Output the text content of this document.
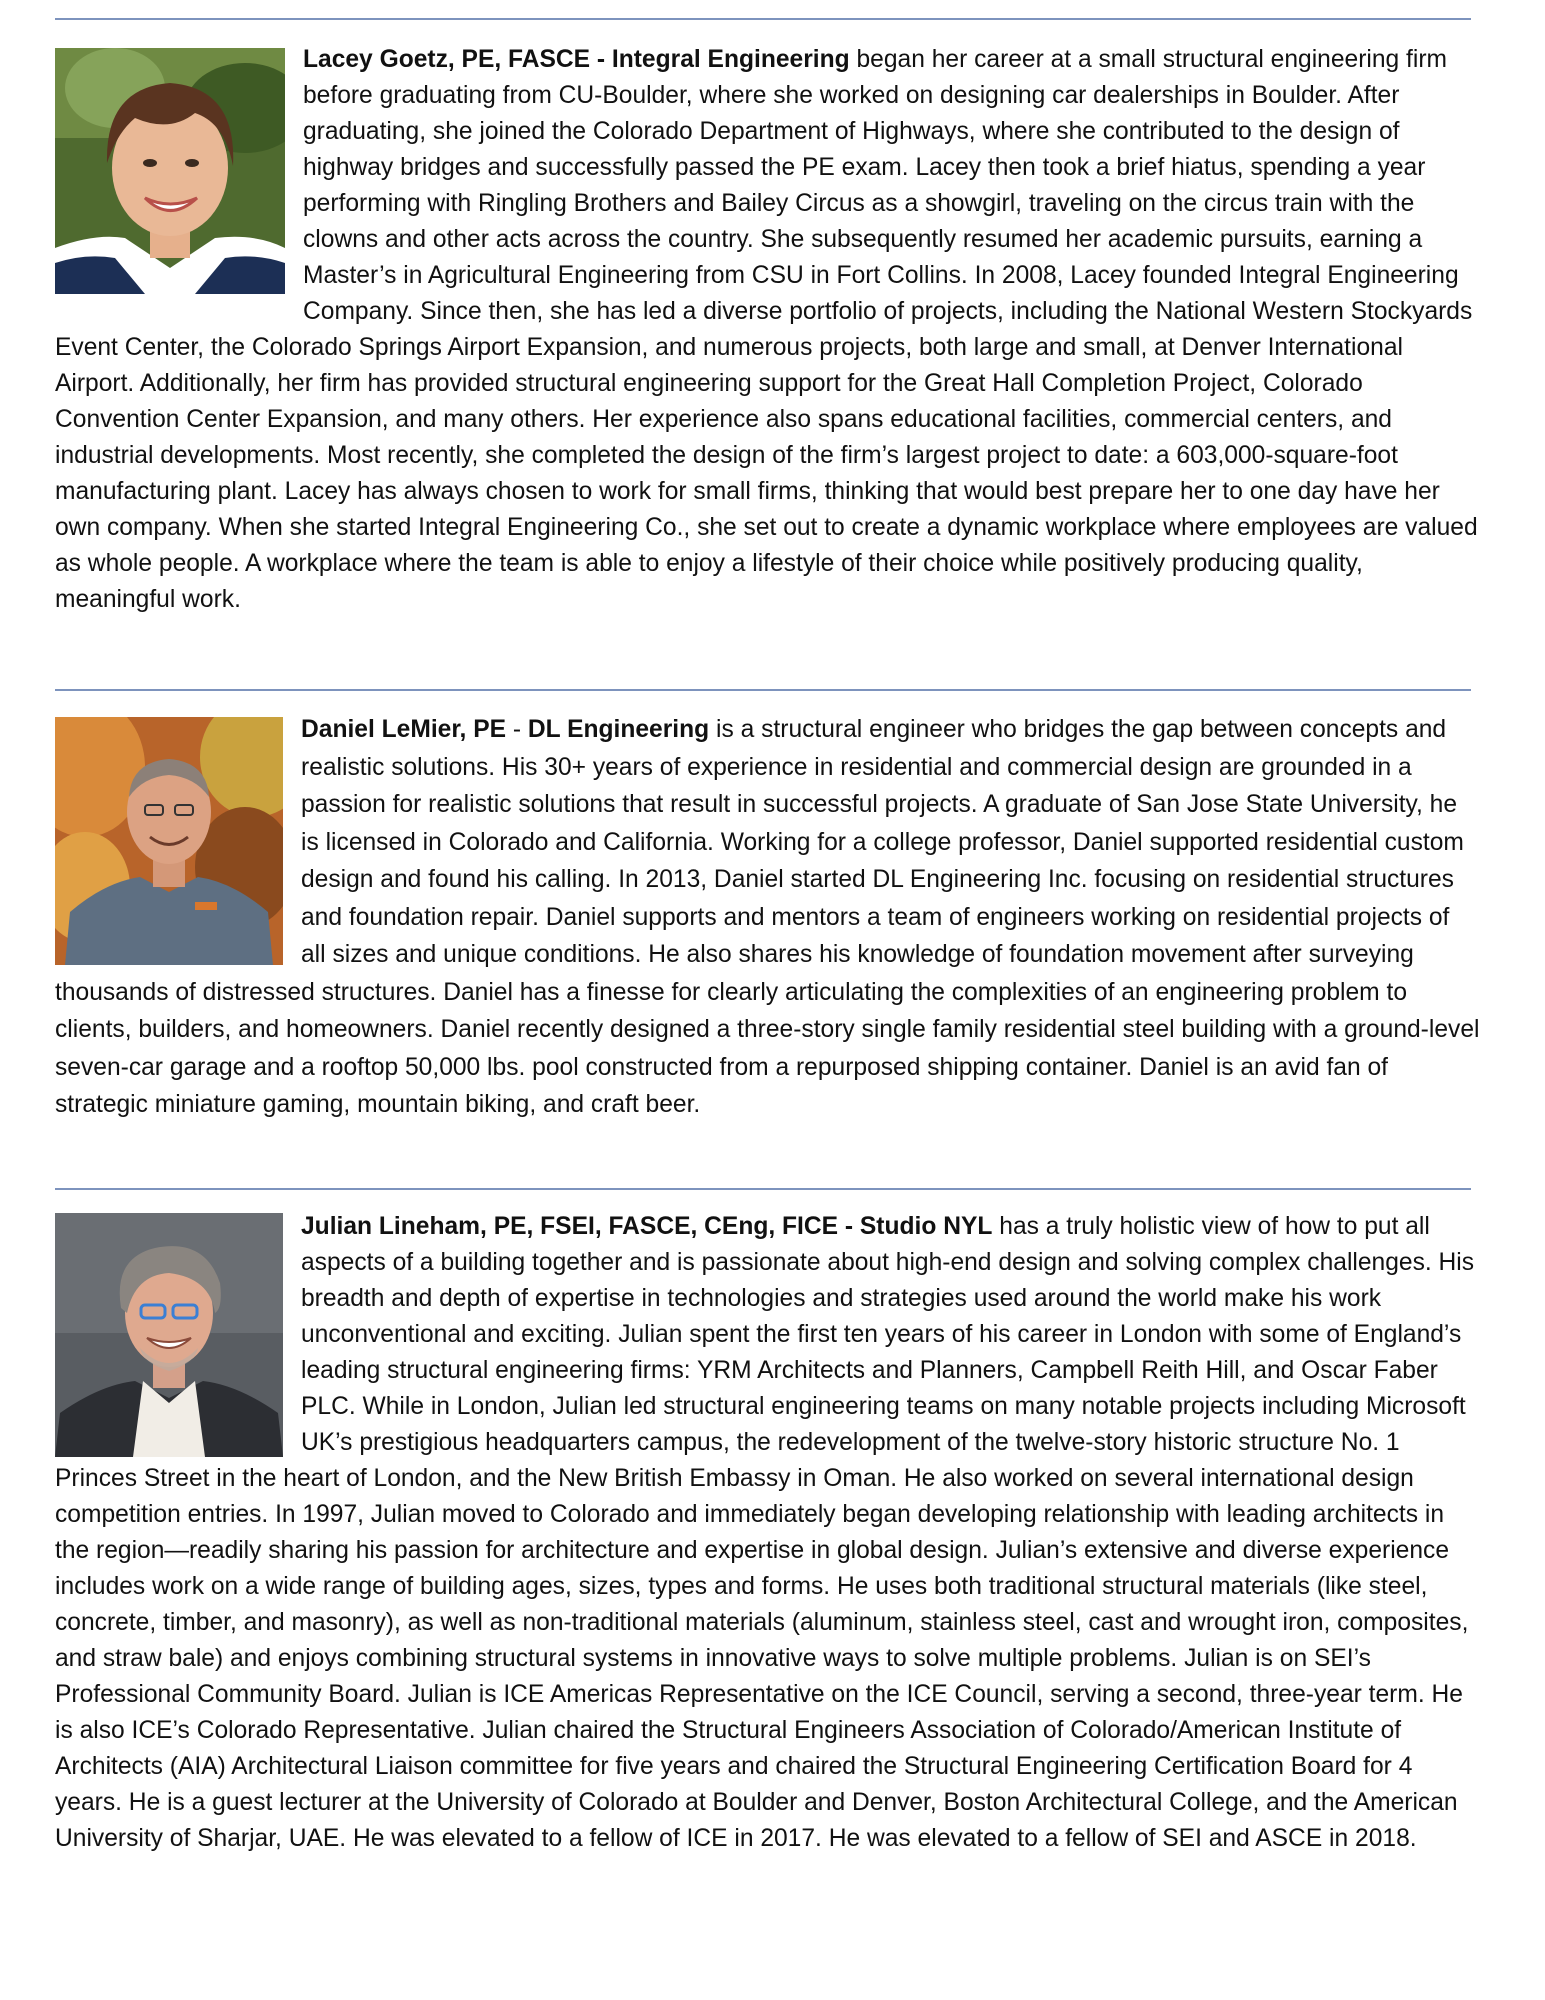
Lacey Goetz, PE, FASCE - Integral Engineering began her career at a small structural engineering firm before graduating from CU-Boulder, where she worked on designing car dealerships in Boulder. After graduating, she joined the Colorado Department of Highways, where she contributed to the design of highway bridges and successfully passed the PE exam. Lacey then took a brief hiatus, spending a year performing with Ringling Brothers and Bailey Circus as a showgirl, traveling on the circus train with the clowns and other acts across the country. She subsequently resumed her academic pursuits, earning a Master’s in Agricultural Engineering from CSU in Fort Collins. In 2008, Lacey founded Integral Engineering Company. Since then, she has led a diverse portfolio of projects, including the National Western Stockyards Event Center, the Colorado Springs Airport Expansion, and numerous projects, both large and small, at Denver International Airport. Additionally, her firm has provided structural engineering support for the Great Hall Completion Project, Colorado Convention Center Expansion, and many others. Her experience also spans educational facilities, commercial centers, and industrial developments. Most recently, she completed the design of the firm’s largest project to date: a 603,000-square-foot manufacturing plant. Lacey has always chosen to work for small firms, thinking that would best prepare her to one day have her own company. When she started Integral Engineering Co., she set out to create a dynamic workplace where employees are valued as whole people. A workplace where the team is able to enjoy a lifestyle of their choice while positively producing quality, meaningful work.

Daniel LeMier, PE - DL Engineering is a structural engineer who bridges the gap between concepts and realistic solutions. His 30+ years of experience in residential and commercial design are grounded in a passion for realistic solutions that result in successful projects. A graduate of San Jose State University, he is licensed in Colorado and California. Working for a college professor, Daniel supported residential custom design and found his calling. In 2013, Daniel started DL Engineering Inc. focusing on residential structures and foundation repair. Daniel supports and mentors a team of engineers working on residential projects of all sizes and unique conditions. He also shares his knowledge of foundation movement after surveying thousands of distressed structures. Daniel has a finesse for clearly articulating the complexities of an engineering problem to clients, builders, and homeowners. Daniel recently designed a three-story single family residential steel building with a ground-level seven-car garage and a rooftop 50,000 lbs. pool constructed from a repurposed shipping container. Daniel is an avid fan of strategic miniature gaming, mountain biking, and craft beer.

Julian Lineham, PE, FSEI, FASCE, CEng, FICE - Studio NYL has a truly holistic view of how to put all aspects of a building together and is passionate about high-end design and solving complex challenges. His breadth and depth of expertise in technologies and strategies used around the world make his work unconventional and exciting. Julian spent the first ten years of his career in London with some of England’s leading structural engineering firms: YRM Architects and Planners, Campbell Reith Hill, and Oscar Faber PLC. While in London, Julian led structural engineering teams on many notable projects including Microsoft UK’s prestigious headquarters campus, the redevelopment of the twelve-story historic structure No. 1 Princes Street in the heart of London, and the New British Embassy in Oman. He also worked on several international design competition entries. In 1997, Julian moved to Colorado and immediately began developing relationship with leading architects in the region—readily sharing his passion for architecture and expertise in global design. Julian’s extensive and diverse experience includes work on a wide range of building ages, sizes, types and forms. He uses both traditional structural materials (like steel, concrete, timber, and masonry), as well as non-traditional materials (aluminum, stainless steel, cast and wrought iron, composites, and straw bale) and enjoys combining structural systems in innovative ways to solve multiple problems. Julian is on SEI’s Professional Community Board. Julian is ICE Americas Representative on the ICE Council, serving a second, three-year term. He is also ICE’s Colorado Representative. Julian chaired the Structural Engineers Association of Colorado/American Institute of Architects (AIA) Architectural Liaison committee for five years and chaired the Structural Engineering Certification Board for 4 years. He is a guest lecturer at the University of Colorado at Boulder and Denver, Boston Architectural College, and the American University of Sharjar, UAE. He was elevated to a fellow of ICE in 2017. He was elevated to a fellow of SEI and ASCE in 2018.
